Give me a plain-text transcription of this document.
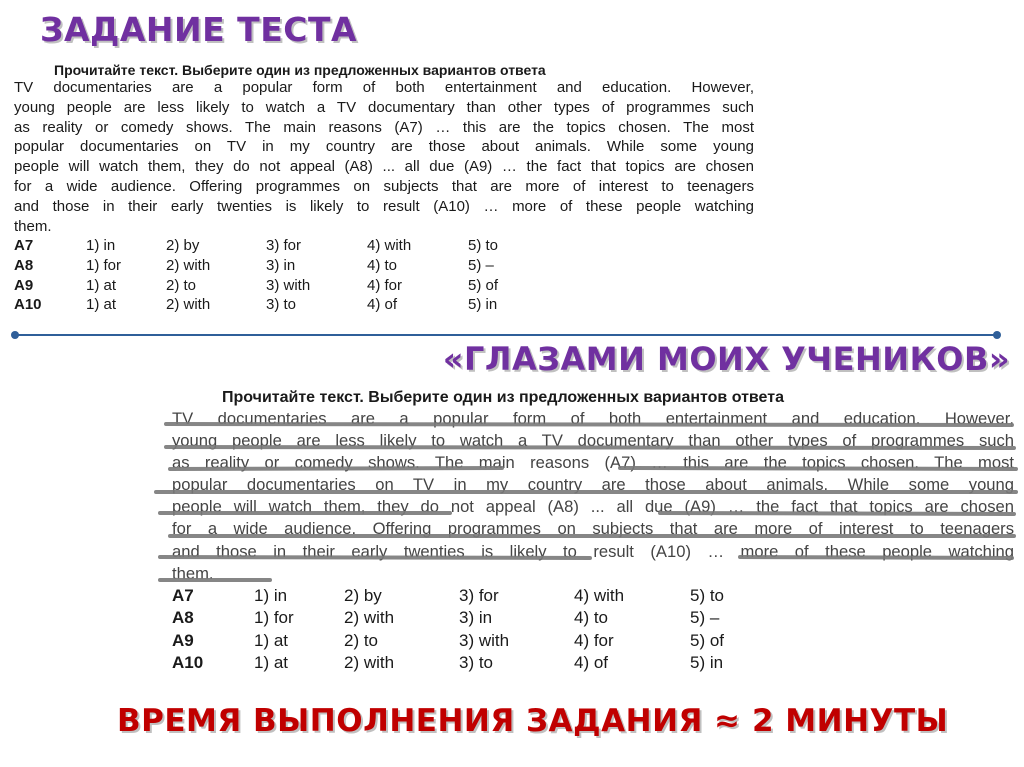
ЗАДАНИЕ ТЕСТА
Прочитайте текст. Выберите один из предложенных вариантов ответа
TV documentaries are a popular form of both entertainment and education. However,
young people are less likely to watch a TV documentary than other types of programmes such
as reality or comedy shows. The main reasons (A7) … this are the topics chosen. The most
popular documentaries on TV in my country are those about animals. While some young
people will watch them, they do not appeal (A8) ... all due (A9) … the fact that topics are chosen
for a wide audience. Offering programmes on subjects that are more of interest to teenagers
and those in their early twenties is likely to result (A10) … more of these people watching
them.
A7	1) in	2) by	3) for	4) with	5) to
A8	1) for	2) with	3) in	4) to	5) –
A9	1) at	2) to	3) with	4) for	5) of
A10	1) at	2) with	3) to	4) of	5) in
«ГЛАЗАМИ МОИХ УЧЕНИКОВ»
Прочитайте текст. Выберите один из предложенных вариантов ответа
TV documentaries are a popular form of both entertainment and education. However,
young people are less likely to watch a TV documentary than other types of programmes such
as reality or comedy shows. The main reasons (A7) … this are the topics chosen. The most
popular documentaries on TV in my country are those about animals. While some young
people will watch them, they do not appeal (A8) ... all due (A9) … the fact that topics are chosen
for a wide audience. Offering programmes on subjects that are more of interest to teenagers
and those in their early twenties is likely to result (A10) … more of these people watching
them.
A7	1) in	2) by	3) for	4) with	5) to
A8	1) for	2) with	3) in	4) to	5) –
A9	1) at	2) to	3) with	4) for	5) of
A10	1) at	2) with	3) to	4) of	5) in
ВРЕМЯ ВЫПОЛНЕНИЯ ЗАДАНИЯ ≈ 2 МИНУТЫ
